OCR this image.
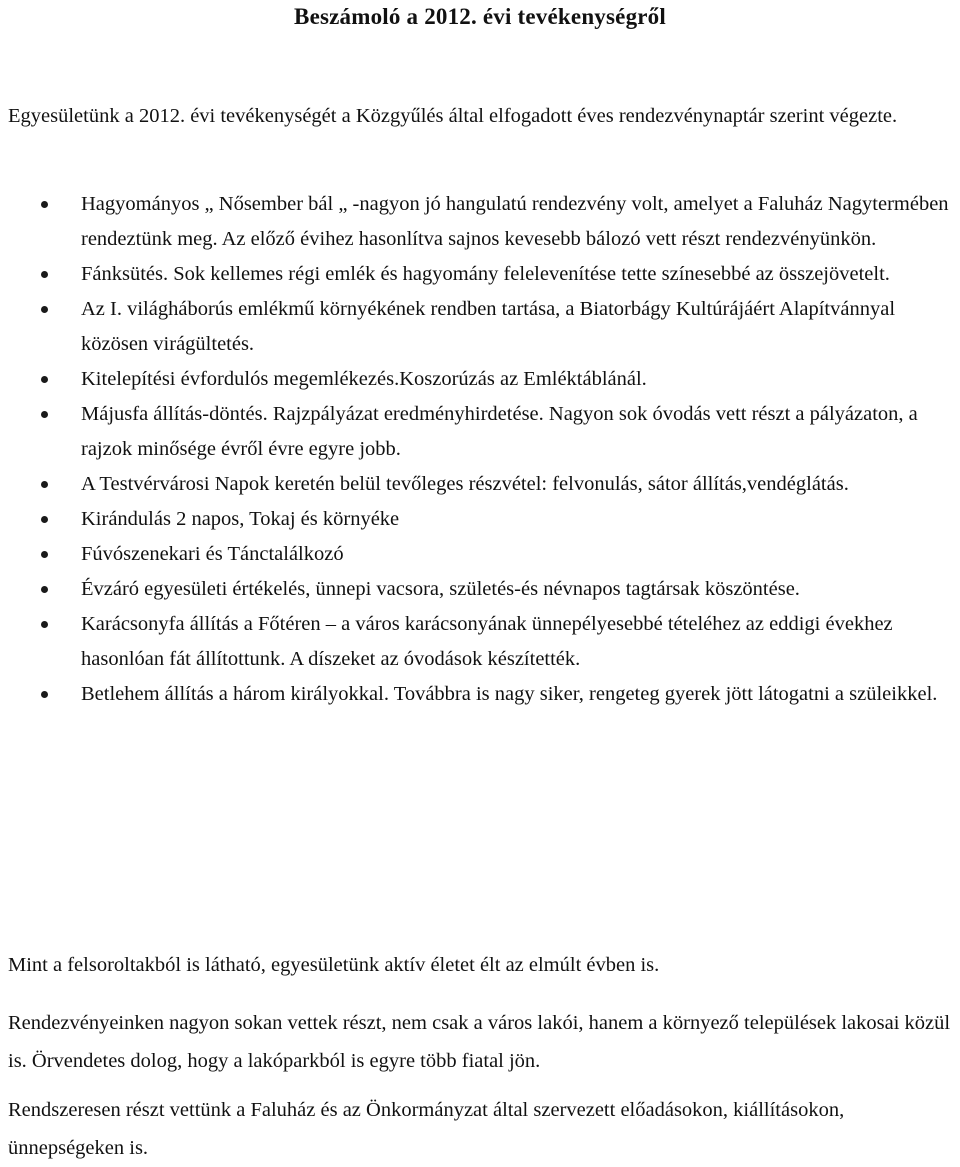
Beszámoló a 2012. évi tevékenységről

Egyesületünk a 2012. évi tevékenységét a Közgyűlés által elfogadott éves rendezvénynaptár szerint végezte.

Hagyományos „ Nősember bál „ -nagyon jó hangulatú rendezvény volt, amelyet a Faluház Nagytermében rendeztünk meg. Az előző évihez hasonlítva sajnos kevesebb bálozó vett részt rendezvényünkön.
Fánksütés. Sok kellemes régi emlék és hagyomány felelevenítése tette színesebbé az összejövetelt.
Az I. világháborús emlékmű környékének rendben tartása, a Biatorbágy Kultúrájáért Alapítvánnyal közösen virágültetés.
Kitelepítési évfordulós megemlékezés.Koszorúzás az Emléktáblánál.
Májusfa állítás-döntés. Rajzpályázat eredményhirdetése. Nagyon sok óvodás vett részt a pályázaton, a rajzok minősége évről évre egyre jobb.
A Testvérvárosi Napok keretén belül tevőleges részvétel: felvonulás, sátor állítás,vendéglátás.
Kirándulás 2 napos, Tokaj és környéke
Fúvószenekari és Tánctalálkozó
Évzáró egyesületi értékelés, ünnepi vacsora, születés-és névnapos tagtársak köszöntése.
Karácsonyfa állítás a Főtéren – a város karácsonyának ünnepélyesebbé tételéhez az eddigi évekhez hasonlóan fát állítottunk. A díszeket az óvodások készítették.
Betlehem állítás a három királyokkal. Továbbra is nagy siker, rengeteg gyerek jött látogatni a szüleikkel.

Mint a felsoroltakból is látható, egyesületünk aktív életet élt az elmúlt évben is.

Rendezvényeinken nagyon sokan vettek részt, nem csak a város lakói, hanem a környező települések lakosai közül is. Örvendetes dolog, hogy a lakóparkból is egyre több fiatal jön.

Rendszeresen részt vettünk a Faluház és az Önkormányzat által szervezett előadásokon, kiállításokon, ünnepségeken is.
